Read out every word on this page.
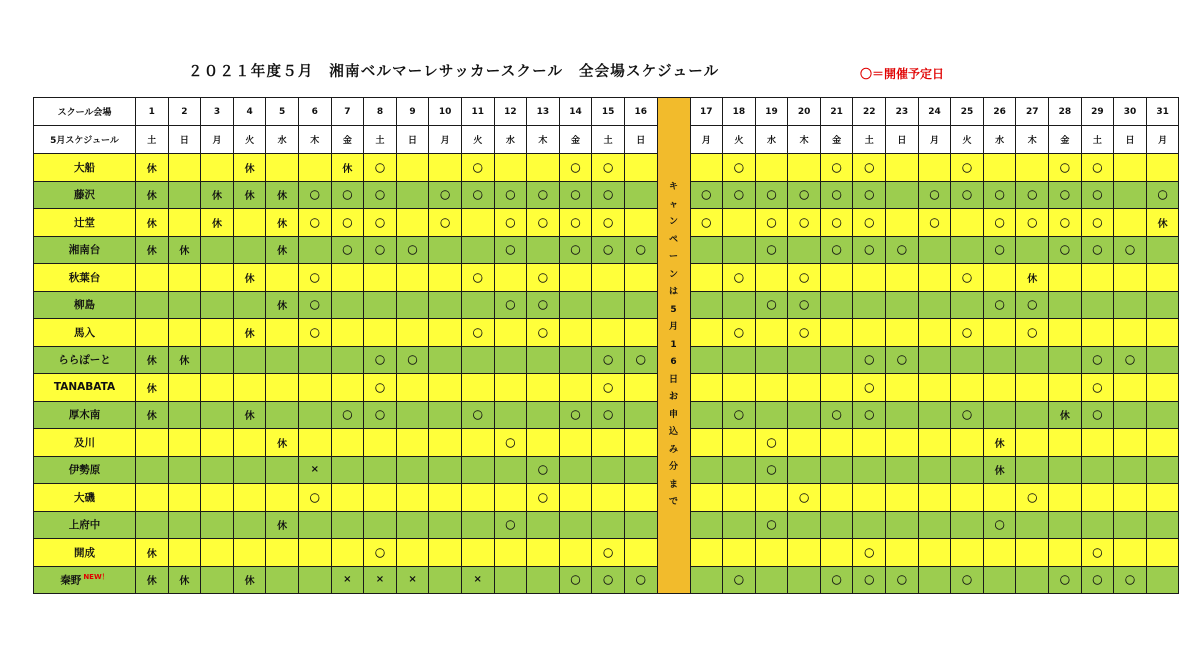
２０２１年度５月　湘南ベルマーレサッカースクール　全会場スケジュール	〇＝開催予定日
スクール会場	1	2	3	4	5	6	7	8	9	10	11	12	13	14	15	16	キャンペーンは5月16日お申込み分まで	17	18	19	20	21	22	23	24	25	26	27	28	29	30	31
5月スケジュール	土	日	月	火	水	木	金	土	日	月	火	水	木	金	土	日		月	火	水	木	金	土	日	月	火	水	木	金	土	日	月
大船	休			休			休	〇			〇			〇	〇				〇			〇	〇			〇			〇	〇		
藤沢	休		休	休	休	〇	〇	〇		〇	〇	〇	〇	〇	〇			〇	〇	〇	〇	〇	〇		〇	〇	〇	〇	〇	〇		〇
辻堂	休		休		休	〇	〇	〇		〇		〇	〇	〇	〇			〇		〇	〇	〇	〇		〇		〇	〇	〇	〇		休
湘南台	休	休			休		〇	〇	〇			〇		〇	〇	〇				〇		〇	〇	〇			〇		〇	〇	〇	
秋葉台				休		〇					〇		〇						〇		〇					〇		休				
柳島					休	〇						〇	〇							〇	〇						〇	〇				
馬入				休		〇					〇		〇						〇		〇					〇		〇				
ららぽーと	休	休						〇	〇						〇	〇							〇	〇						〇	〇	
TANABATA	休							〇							〇								〇							〇		
厚木南	休			休			〇	〇			〇			〇	〇				〇			〇	〇			〇			休	〇		
及川					休							〇								〇							休					
伊勢原						×							〇							〇							休					
大磯						〇							〇								〇							〇				
上府中					休							〇								〇							〇					
開成	休							〇							〇								〇							〇		
秦野 $^{NEW!}$	休	休		休			×	×	×		×			〇	〇	〇			〇			〇	〇	〇		〇			〇	〇	〇	
